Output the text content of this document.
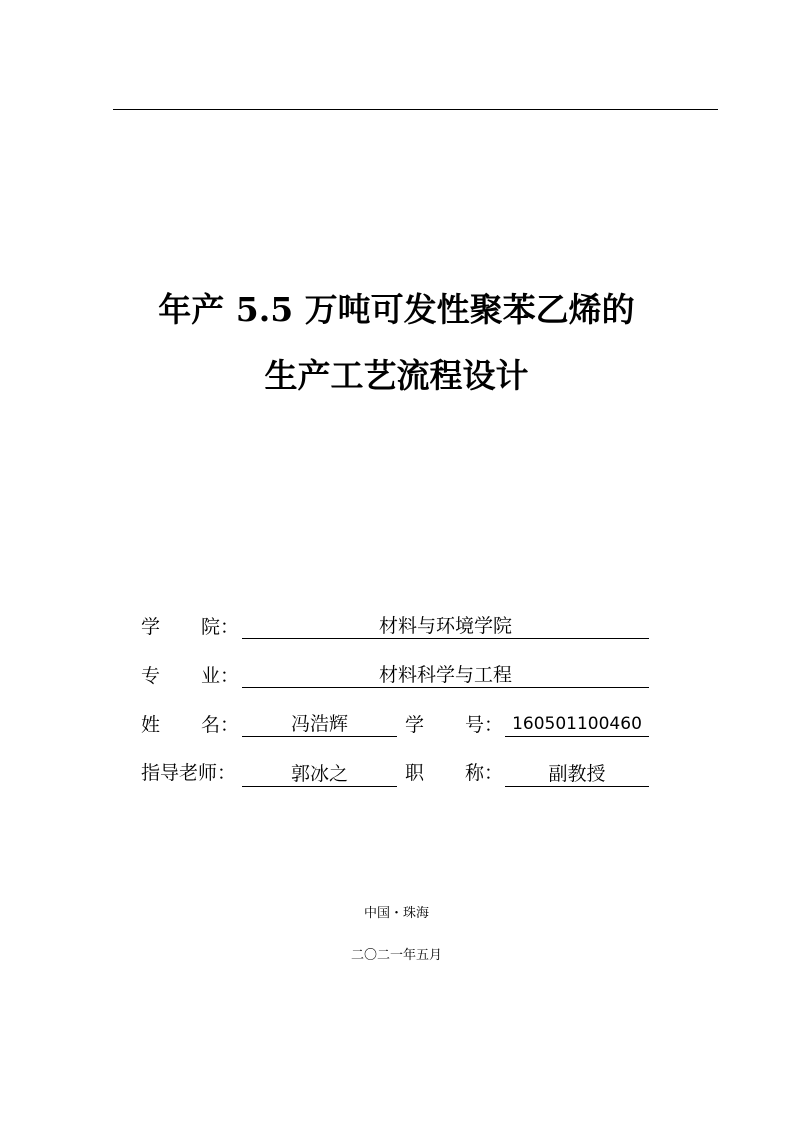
年产 5.5 万吨可发性聚苯乙烯的
生产工艺流程设计
学 院：	材料与环境学院
专 业：	材料科学与工程
姓 名：	冯浩辉	学 号： 160501100460
指导老师：	郭冰之	职 称：	副教授
中国・珠海
二〇二一年五月
